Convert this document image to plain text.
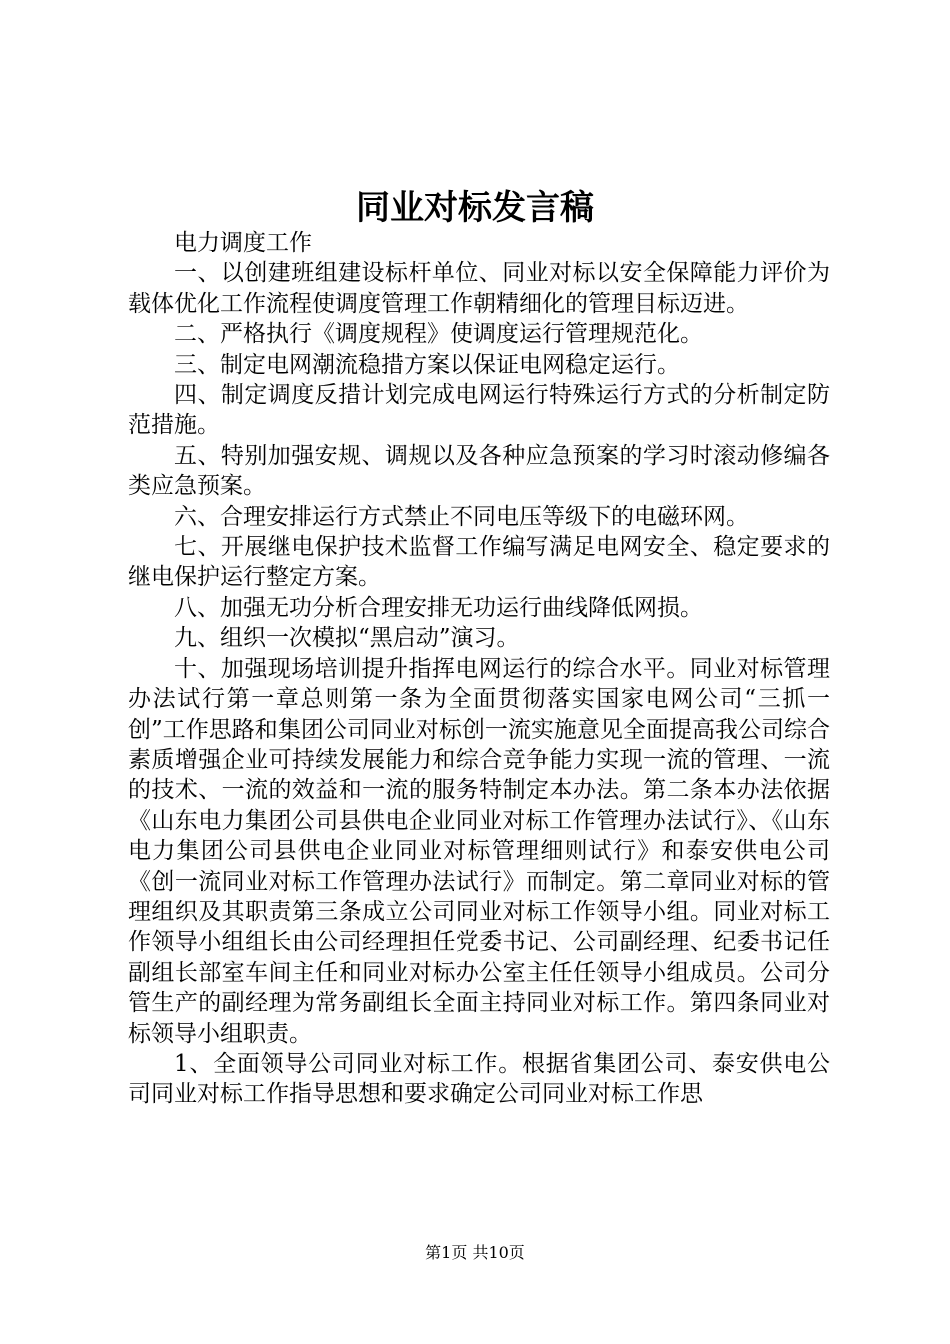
同业对标发言稿

电力调度工作

一、以创建班组建设标杆单位、同业对标以安全保障能力评价为载体优化工作流程使调度管理工作朝精细化的管理目标迈进。

二、严格执行《调度规程》使调度运行管理规范化。

三、制定电网潮流稳措方案以保证电网稳定运行。

四、制定调度反措计划完成电网运行特殊运行方式的分析制定防范措施。

五、特别加强安规、调规以及各种应急预案的学习时滚动修编各类应急预案。

六、合理安排运行方式禁止不同电压等级下的电磁环网。

七、开展继电保护技术监督工作编写满足电网安全、稳定要求的继电保护运行整定方案。

八、加强无功分析合理安排无功运行曲线降低网损。

九、组织一次模拟“黑启动”演习。

十、加强现场培训提升指挥电网运行的综合水平。同业对标管理办法试行第一章总则第一条为全面贯彻落实国家电网公司“三抓一创”工作思路和集团公司同业对标创一流实施意见全面提高我公司综合素质增强企业可持续发展能力和综合竞争能力实现一流的管理、一流的技术、一流的效益和一流的服务特制定本办法。第二条本办法依据《山东电力集团公司县供电企业同业对标工作管理办法试行》、《山东电力集团公司县供电企业同业对标管理细则试行》和泰安供电公司《创一流同业对标工作管理办法试行》而制定。第二章同业对标的管理组织及其职责第三条成立公司同业对标工作领导小组。同业对标工作领导小组组长由公司经理担任党委书记、公司副经理、纪委书记任副组长部室车间主任和同业对标办公室主任任领导小组成员。公司分管生产的副经理为常务副组长全面主持同业对标工作。第四条同业对标领导小组职责。

1、全面领导公司同业对标工作。根据省集团公司、泰安供电公司同业对标工作指导思想和要求确定公司同业对标工作思

第1页 共10页
